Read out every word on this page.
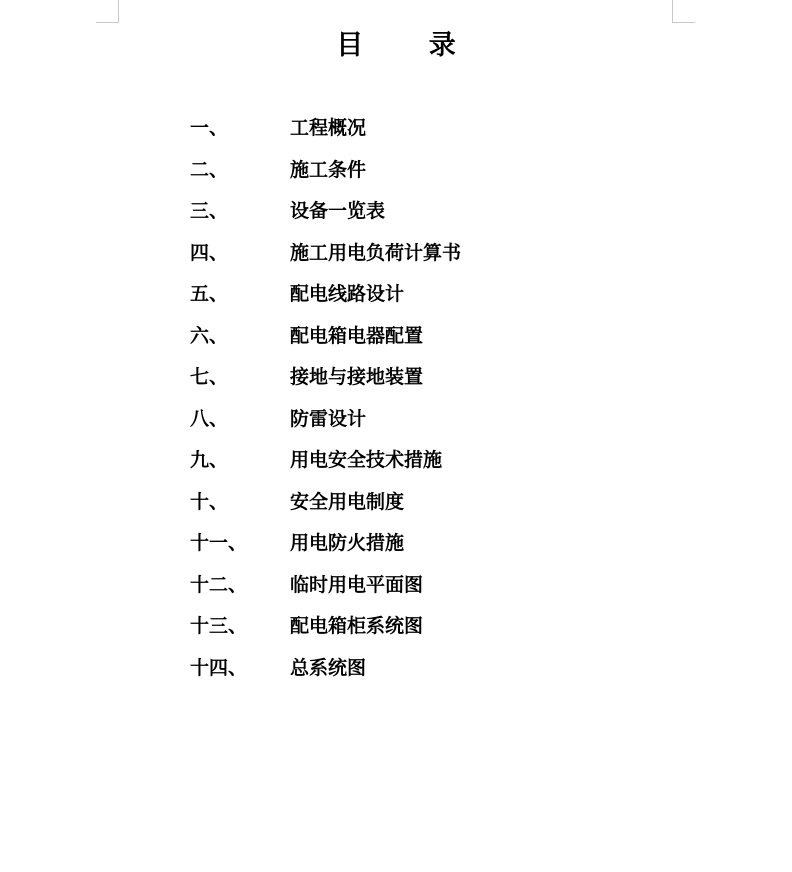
目 录
一、	工程概况
二、	施工条件
三、	设备一览表
四、	施工用电负荷计算书
五、	配电线路设计
六、	配电箱电器配置
七、	接地与接地装置
八、	防雷设计
九、	用电安全技术措施
十、	安全用电制度
十一、 用电防火措施
十二、 临时用电平面图
十三、 配电箱柜系统图
十四、 总系统图
